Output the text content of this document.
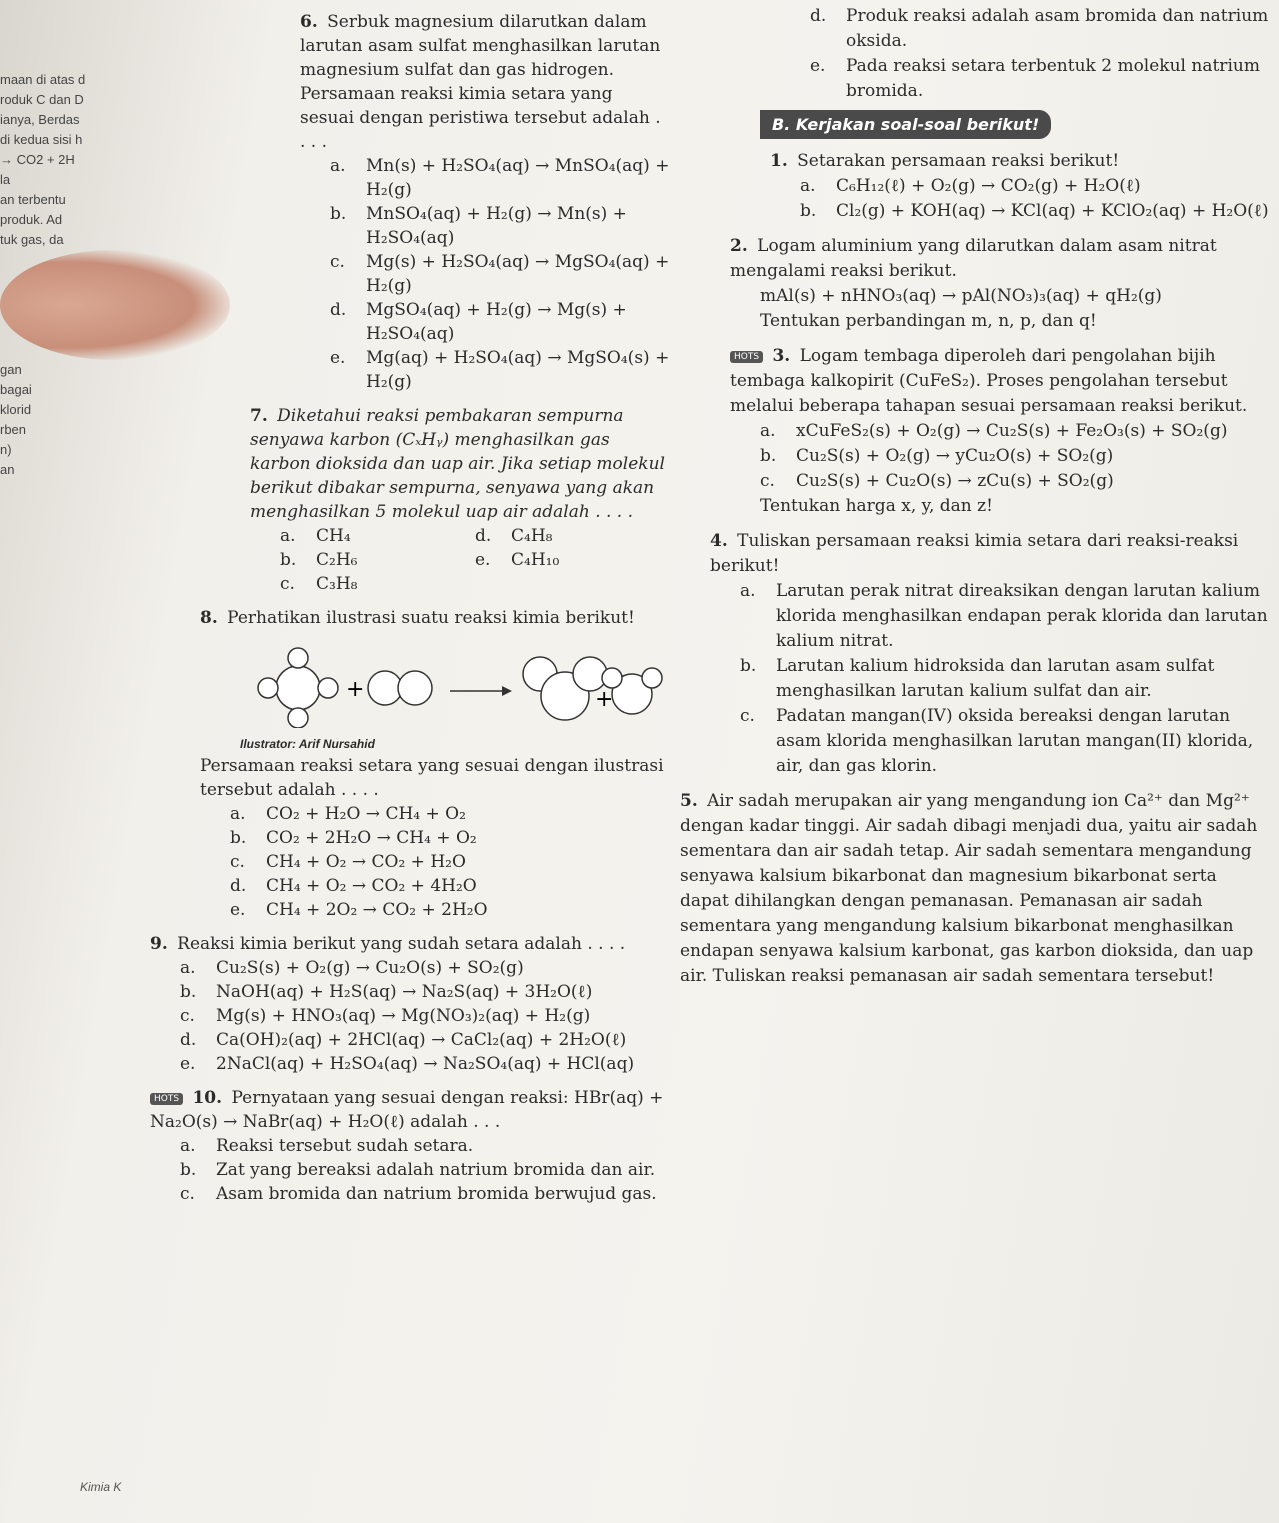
maan di atas d
roduk C dan D
ianya, Berdas
di kedua sisi h
→ CO2 + 2H
la
an terbentu
produk. Ad
tuk gas, da
gan
bagai
klorid
rben
n)
an
6. Serbuk magnesium dilarutkan dalam larutan asam sulfat menghasilkan larutan magnesium sulfat dan gas hidrogen. Persamaan reaksi kimia setara yang sesuai dengan peristiwa tersebut adalah . . . .
a.	Mn(s) + H₂SO₄(aq) → MnSO₄(aq) + H₂(g)
b.	MnSO₄(aq) + H₂(g) → Mn(s) + H₂SO₄(aq)
c.	Mg(s) + H₂SO₄(aq) → MgSO₄(aq) + H₂(g)
d.	MgSO₄(aq) + H₂(g) → Mg(s) + H₂SO₄(aq)
e.	Mg(aq) + H₂SO₄(aq) → MgSO₄(s) + H₂(g)
7. Diketahui reaksi pembakaran sempurna senyawa karbon (CₓHᵧ) menghasilkan gas karbon dioksida dan uap air. Jika setiap molekul berikut dibakar sempurna, senyawa yang akan menghasilkan 5 molekul uap air adalah . . . .
a.	CH₄	d.	C₄H₈
b.	C₂H₆	e.	C₄H₁₀
c.	C₃H₈
8. Perhatikan ilustrasi suatu reaksi kimia berikut!
+	+
Ilustrator: Arif Nursahid
Persamaan reaksi setara yang sesuai dengan ilustrasi tersebut adalah . . . .
a.	CO₂ + H₂O → CH₄ + O₂
b.	CO₂ + 2H₂O → CH₄ + O₂
c.	CH₄ + O₂ → CO₂ + H₂O
d.	CH₄ + O₂ → CO₂ + 4H₂O
e.	CH₄ + 2O₂ → CO₂ + 2H₂O
9. Reaksi kimia berikut yang sudah setara adalah . . . .
a.	Cu₂S(s) + O₂(g) → Cu₂O(s) + SO₂(g)
b.	NaOH(aq) + H₂S(aq) → Na₂S(aq) + 3H₂O(ℓ)
c.	Mg(s) + HNO₃(aq) → Mg(NO₃)₂(aq) + H₂(g)
d.	Ca(OH)₂(aq) + 2HCl(aq) → CaCl₂(aq) + 2H₂O(ℓ)
e.	2NaCl(aq) + H₂SO₄(aq) → Na₂SO₄(aq) + HCl(aq)
HOTS 10. Pernyataan yang sesuai dengan reaksi: HBr(aq) + Na₂O(s) → NaBr(aq) + H₂O(ℓ) adalah . . .
a.	Reaksi tersebut sudah setara.
b.	Zat yang bereaksi adalah natrium bromida dan air.
c.	Asam bromida dan natrium bromida berwujud gas.
d.	Produk reaksi adalah asam bromida dan natrium oksida.
e.	Pada reaksi setara terbentuk 2 molekul natrium bromida.
B. Kerjakan soal-soal berikut!
1. Setarakan persamaan reaksi berikut!
a.	C₆H₁₂(ℓ) + O₂(g) → CO₂(g) + H₂O(ℓ)
b.	Cl₂(g) + KOH(aq) → KCl(aq) + KClO₂(aq) + H₂O(ℓ)
2. Logam aluminium yang dilarutkan dalam asam nitrat mengalami reaksi berikut.
mAl(s) + nHNO₃(aq) → pAl(NO₃)₃(aq) + qH₂(g)
Tentukan perbandingan m, n, p, dan q!
HOTS 3. Logam tembaga diperoleh dari pengolahan bijih tembaga kalkopirit (CuFeS₂). Proses pengolahan tersebut melalui beberapa tahapan sesuai persamaan reaksi berikut.
a.	xCuFeS₂(s) + O₂(g) → Cu₂S(s) + Fe₂O₃(s) + SO₂(g)
b.	Cu₂S(s) + O₂(g) → yCu₂O(s) + SO₂(g)
c.	Cu₂S(s) + Cu₂O(s) → zCu(s) + SO₂(g)
Tentukan harga x, y, dan z!
4. Tuliskan persamaan reaksi kimia setara dari reaksi-reaksi berikut!
a.	Larutan perak nitrat direaksikan dengan larutan kalium klorida menghasilkan endapan perak klorida dan larutan kalium nitrat.
b.	Larutan kalium hidroksida dan larutan asam sulfat menghasilkan larutan kalium sulfat dan air.
c.	Padatan mangan(IV) oksida bereaksi dengan larutan asam klorida menghasilkan larutan mangan(II) klorida, air, dan gas klorin.
5. Air sadah merupakan air yang mengandung ion Ca²⁺ dan Mg²⁺ dengan kadar tinggi. Air sadah dibagi menjadi dua, yaitu air sadah sementara dan air sadah tetap. Air sadah sementara mengandung senyawa kalsium bikarbonat dan magnesium bikarbonat serta dapat dihilangkan dengan pemanasan. Pemanasan air sadah sementara yang mengandung kalsium bikarbonat menghasilkan endapan senyawa kalsium karbonat, gas karbon dioksida, dan uap air. Tuliskan reaksi pemanasan air sadah sementara tersebut!
Kimia K
